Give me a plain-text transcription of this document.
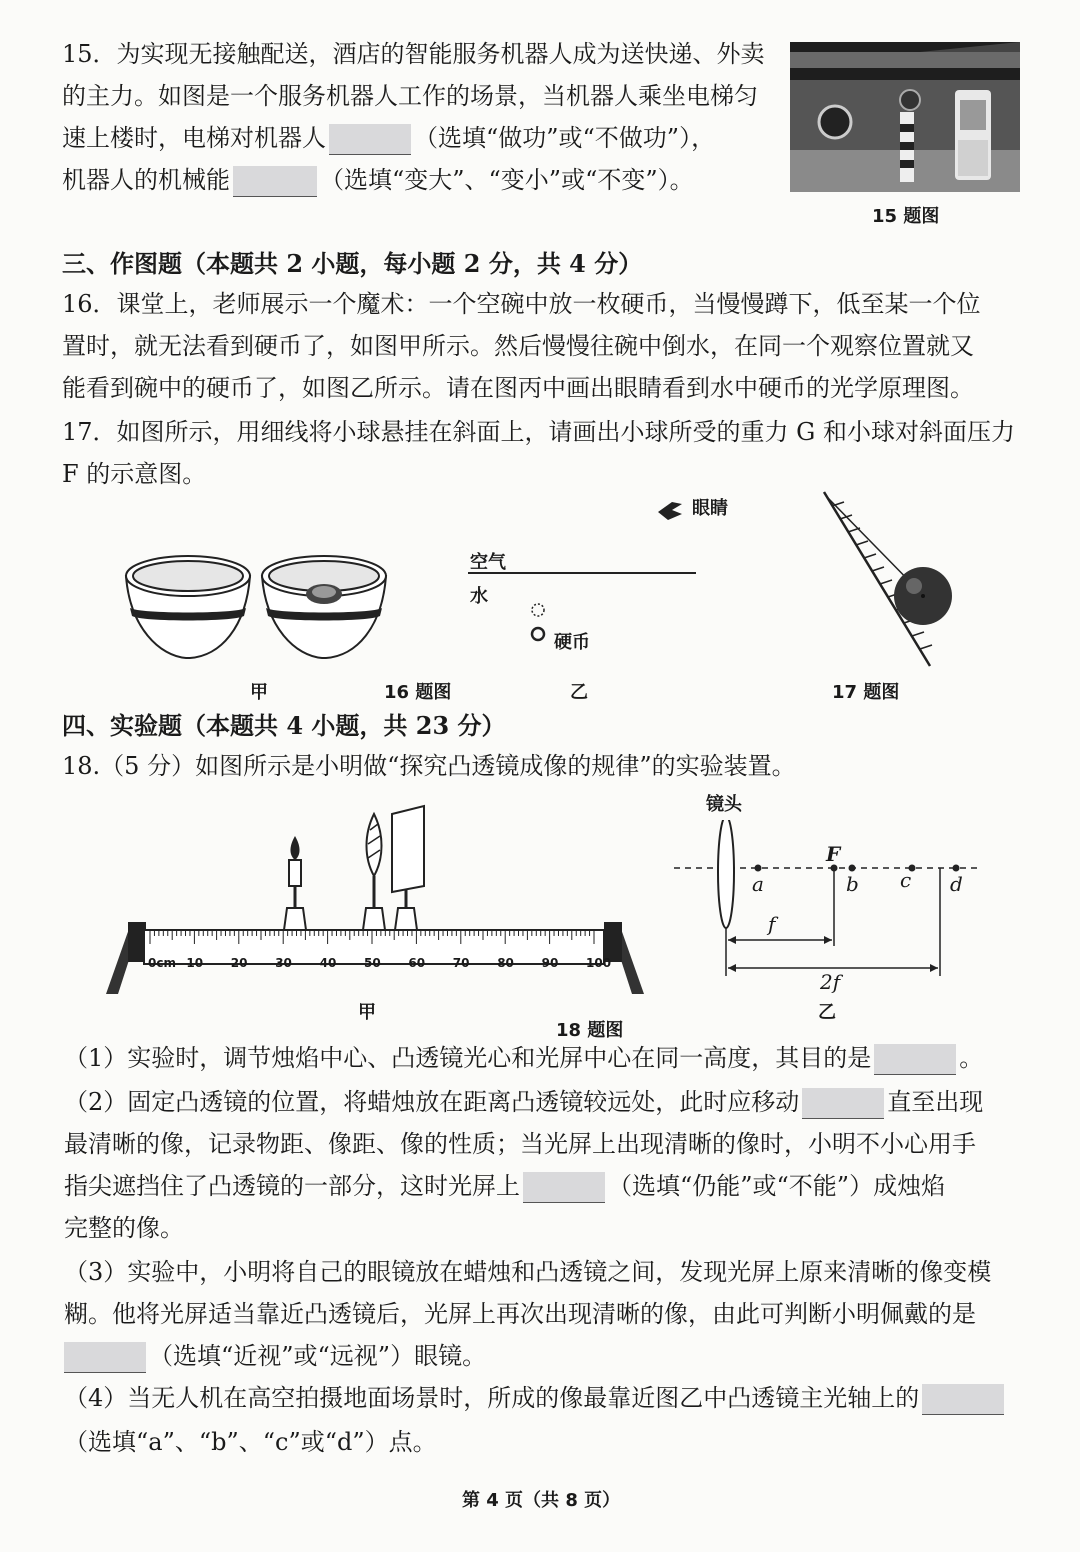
15．为实现无接触配送，酒店的智能服务机器人成为送快递、外卖
的主力。如图是一个服务机器人工作的场景，当机器人乘坐电梯匀
速上楼时，电梯对机器人	（选填“做功”或“不做功”），
机器人的机械能	（选填“变大”、“变小”或“不变”）。
15 题图
三、作图题（本题共 2 小题，每小题 2 分，共 4 分）
16．课堂上，老师展示一个魔术：一个空碗中放一枚硬币，当慢慢蹲下，低至某一个位
置时，就无法看到硬币了，如图甲所示。然后慢慢往碗中倒水，在同一个观察位置就又
能看到碗中的硬币了，如图乙所示。请在图丙中画出眼睛看到水中硬币的光学原理图。
17．如图所示，用细线将小球悬挂在斜面上，请画出小球所受的重力 G 和小球对斜面压力
F 的示意图。
眼睛
空气
水
硬币
甲	16 题图	乙	17 题图
四、实验题（本题共 4 小题，共 23 分）
18.（5 分）如图所示是小明做“探究凸透镜成像的规律”的实验装置。
0cm 10 20 30 40 50 60 70 80 90 100
镜头
F
a	b c d
f
2f
乙
甲
18 题图
（1）实验时，调节烛焰中心、凸透镜光心和光屏中心在同一高度，其目的是	。
（2）固定凸透镜的位置，将蜡烛放在距离凸透镜较远处，此时应移动	直至出现
最清晰的像，记录物距、像距、像的性质；当光屏上出现清晰的像时，小明不小心用手
指尖遮挡住了凸透镜的一部分，这时光屏上	（选填“仍能”或“不能”）成烛焰
完整的像。
（3）实验中，小明将自己的眼镜放在蜡烛和凸透镜之间，发现光屏上原来清晰的像变模
糊。他将光屏适当靠近凸透镜后，光屏上再次出现清晰的像，由此可判断小明佩戴的是
（选填“近视”或“远视”）眼镜。
（4）当无人机在高空拍摄地面场景时，所成的像最靠近图乙中凸透镜主光轴上的
（选填“a”、“b”、“c”或“d”）点。
第 4 页（共 8 页）
